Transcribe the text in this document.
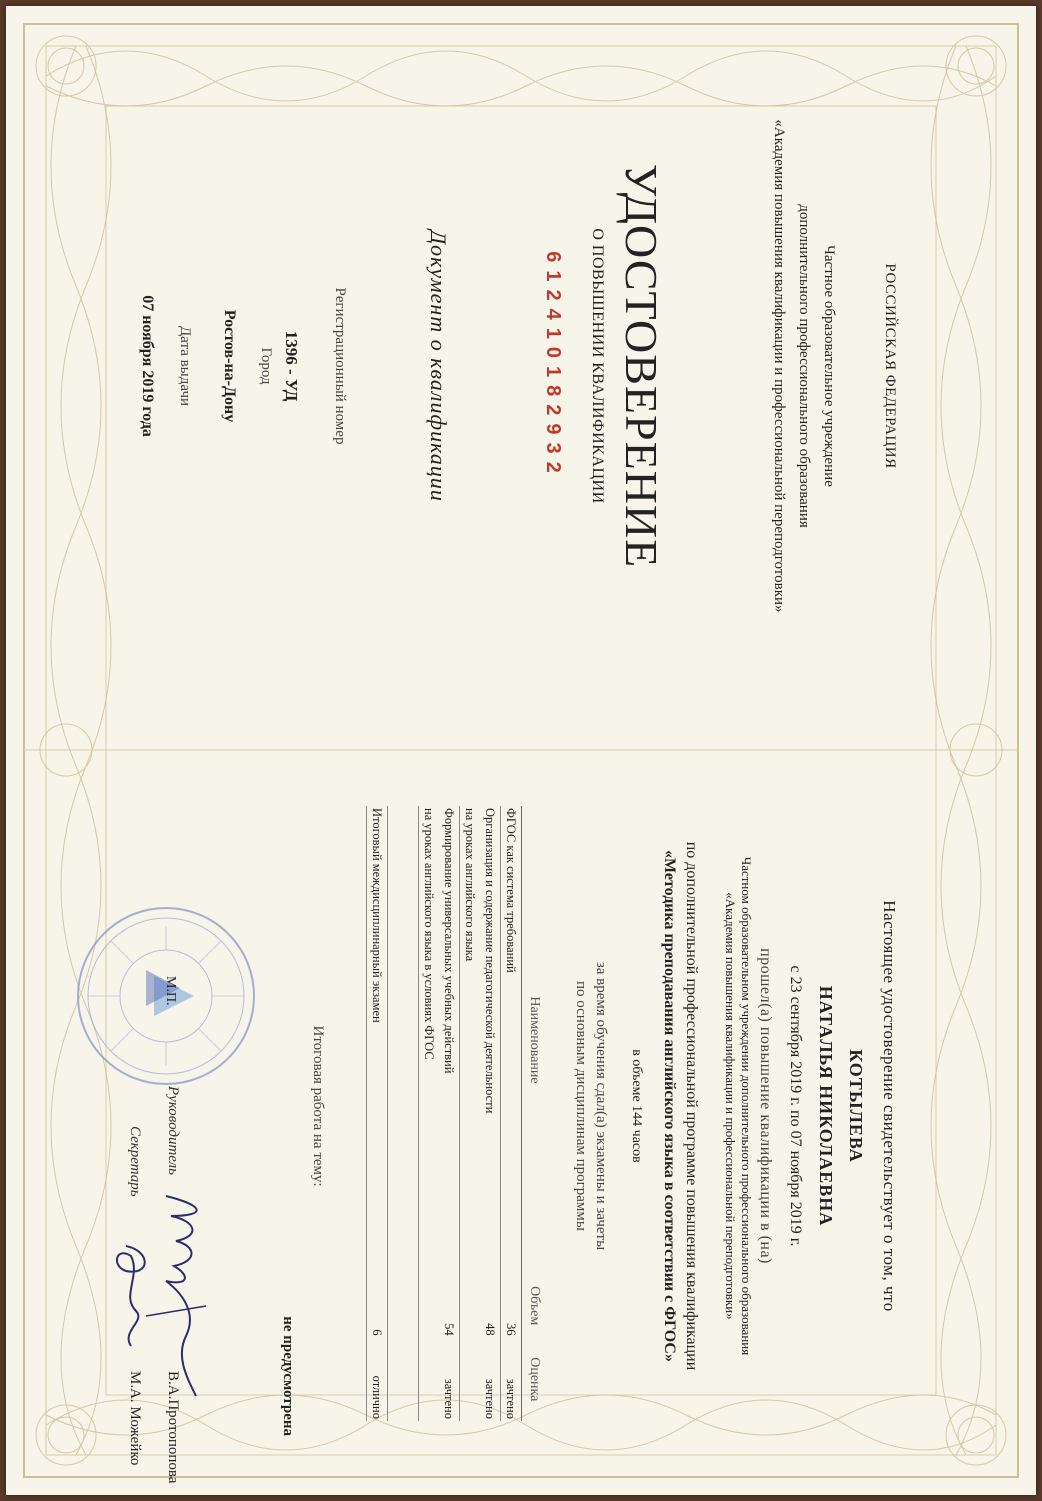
РОССИЙСКАЯ ФЕДЕРАЦИЯ
Частное образовательное учреждение
дополнительного профессионального образования
«Академия повышения квалификации и профессиональной переподготовки»
УДОСТОВЕРЕНИЕ
О ПОВЫШЕНИИ КВАЛИФИКАЦИИ
612410182932
Документ о квалификации
Регистрационный номер
1396 - УД
Город
Ростов-на-Дону
Дата выдачи
07 ноября 2019 года
Настоящее удостоверение свидетельствует о том, что
КОТЫЛЕВА
НАТАЛЬЯ НИКОЛАЕВНА
с 23 сентября 2019 г. по 07 ноября 2019 г.
прошел(а) повышение квалификации в (на)
Частном образовательном учреждении дополнительного профессионального образования
«Академия повышения квалификации и профессиональной переподготовки»
по дополнительной профессиональной программе повышения квалификации
«Методика преподавания английского языка в соответствии с ФГОС»
в объеме 144 часов
за время обучения сдал(а) экзамены и зачеты
по основным дисциплинам программы
Наименование	Объем	Оценка
ФГОС как система требований	36	зачтено
Организация и содержание педагогической деятельности	48	зачтено
на уроках английского языка		
Формирование универсальных учебных действий	54	зачтено
на уроках английского языка в условиях ФГОС		

Итоговый междисциплинарный экзамен	6	отлично
Итоговая работа на тему:
не предусмотрена
М.П.
Руководитель
Секретарь
В.А.Протопопова
М.А. Можейко
